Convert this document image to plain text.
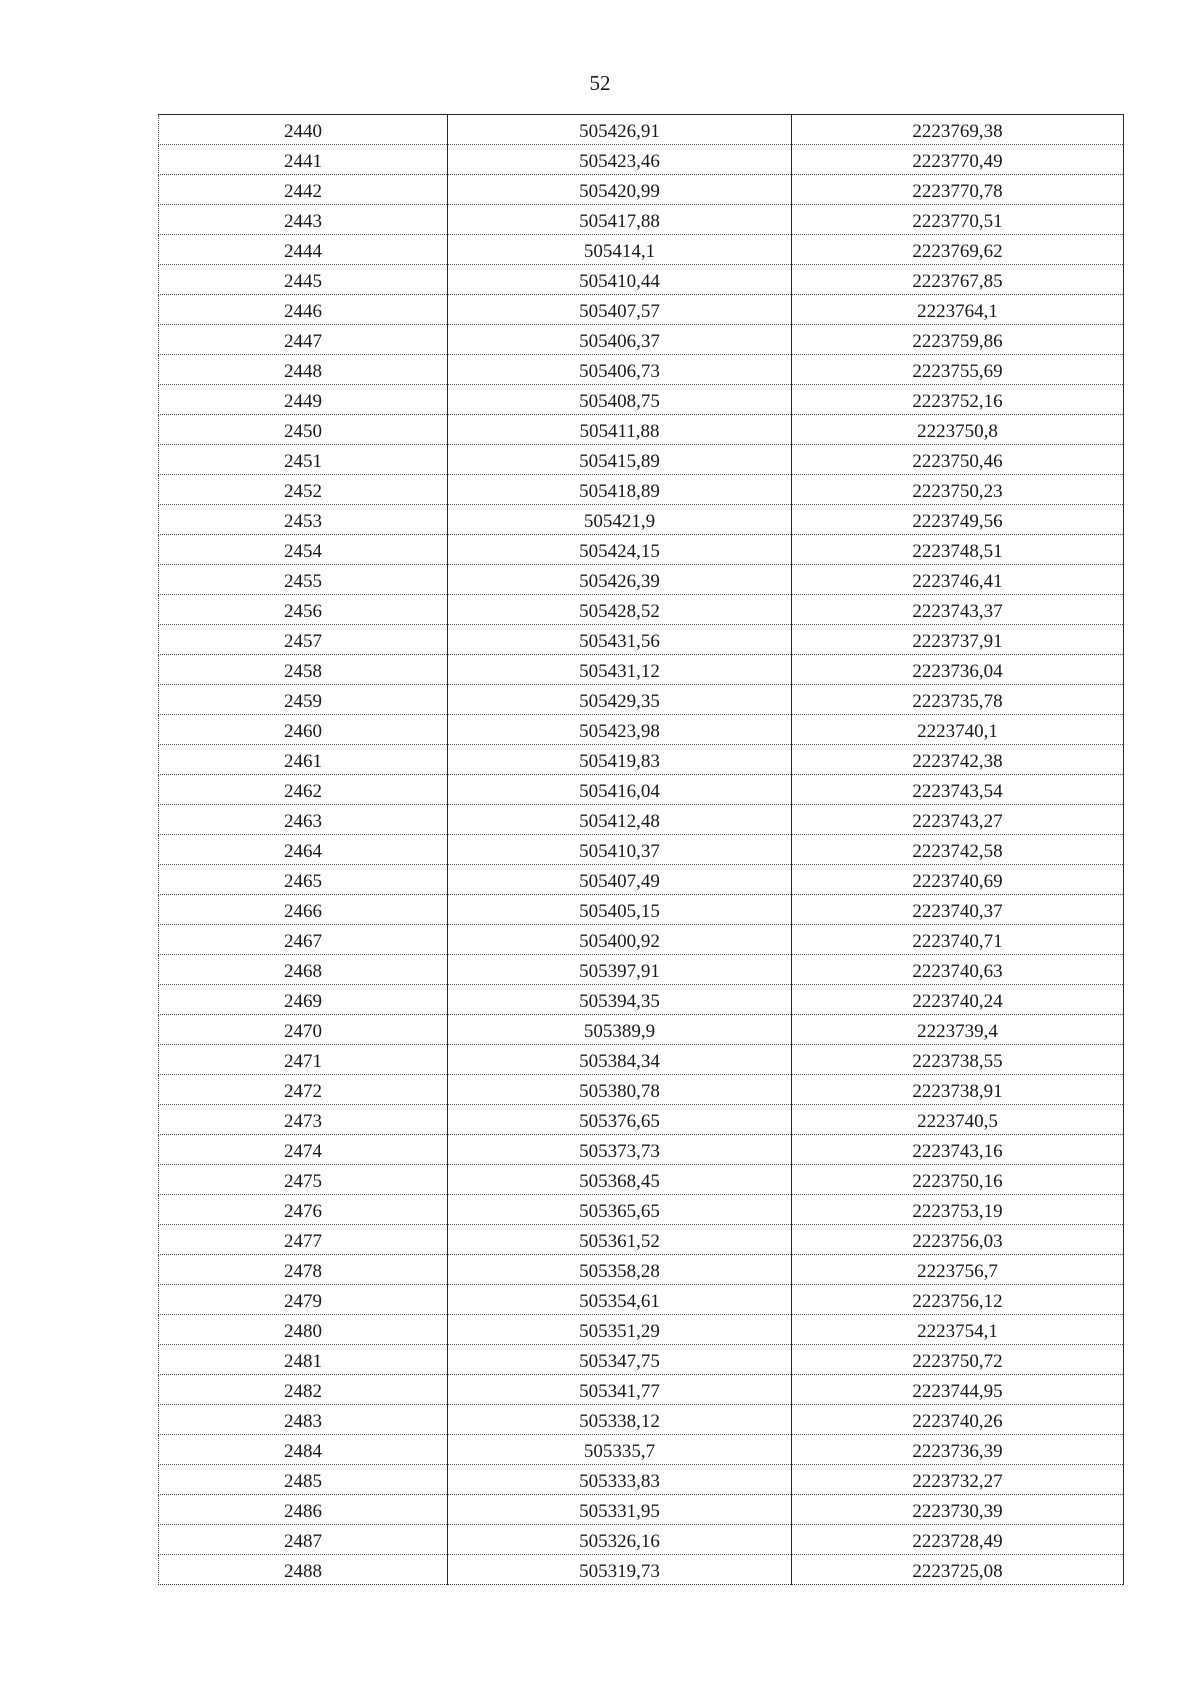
52
2440	505426,91	2223769,38
2441	505423,46	2223770,49
2442	505420,99	2223770,78
2443	505417,88	2223770,51
2444	505414,1	2223769,62
2445	505410,44	2223767,85
2446	505407,57	2223764,1
2447	505406,37	2223759,86
2448	505406,73	2223755,69
2449	505408,75	2223752,16
2450	505411,88	2223750,8
2451	505415,89	2223750,46
2452	505418,89	2223750,23
2453	505421,9	2223749,56
2454	505424,15	2223748,51
2455	505426,39	2223746,41
2456	505428,52	2223743,37
2457	505431,56	2223737,91
2458	505431,12	2223736,04
2459	505429,35	2223735,78
2460	505423,98	2223740,1
2461	505419,83	2223742,38
2462	505416,04	2223743,54
2463	505412,48	2223743,27
2464	505410,37	2223742,58
2465	505407,49	2223740,69
2466	505405,15	2223740,37
2467	505400,92	2223740,71
2468	505397,91	2223740,63
2469	505394,35	2223740,24
2470	505389,9	2223739,4
2471	505384,34	2223738,55
2472	505380,78	2223738,91
2473	505376,65	2223740,5
2474	505373,73	2223743,16
2475	505368,45	2223750,16
2476	505365,65	2223753,19
2477	505361,52	2223756,03
2478	505358,28	2223756,7
2479	505354,61	2223756,12
2480	505351,29	2223754,1
2481	505347,75	2223750,72
2482	505341,77	2223744,95
2483	505338,12	2223740,26
2484	505335,7	2223736,39
2485	505333,83	2223732,27
2486	505331,95	2223730,39
2487	505326,16	2223728,49
2488	505319,73	2223725,08
